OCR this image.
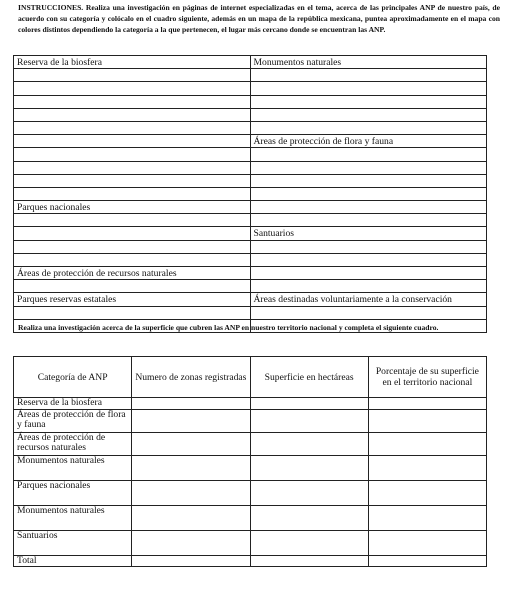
INSTRUCCIONES. Realiza una investigación en páginas de internet especializadas en el tema, acerca de las principales ANP de nuestro país, de acuerdo con su categoría y colócalo en el cuadro siguiente, además en un mapa de la república mexicana, puntea aproximadamente en el mapa con colores distintos dependiendo la categoría a la que pertenecen, el lugar más cercano donde se encuentran las ANP.
Reserva de la biosfera	Monumentos naturales

	Áreas de protección de flora y fauna

Parques nacionales	

	Santuarios

Áreas de protección de recursos naturales	

Parques reservas estatales	Áreas destinadas voluntariamente a la conservación

Realiza una investigación acerca de la superficie que cubren las ANP en nuestro territorio nacional y completa el siguiente cuadro.
Categoría de ANP	Numero de zonas registradas	Superficie en hectáreas	Porcentaje de su superficie en el territorio nacional
Reserva de la biosfera			
Áreas de protección de flora y fauna			
Áreas de protección de recursos naturales			
Monumentos naturales			
Parques nacionales			
Monumentos naturales			
Santuarios			
Total			
